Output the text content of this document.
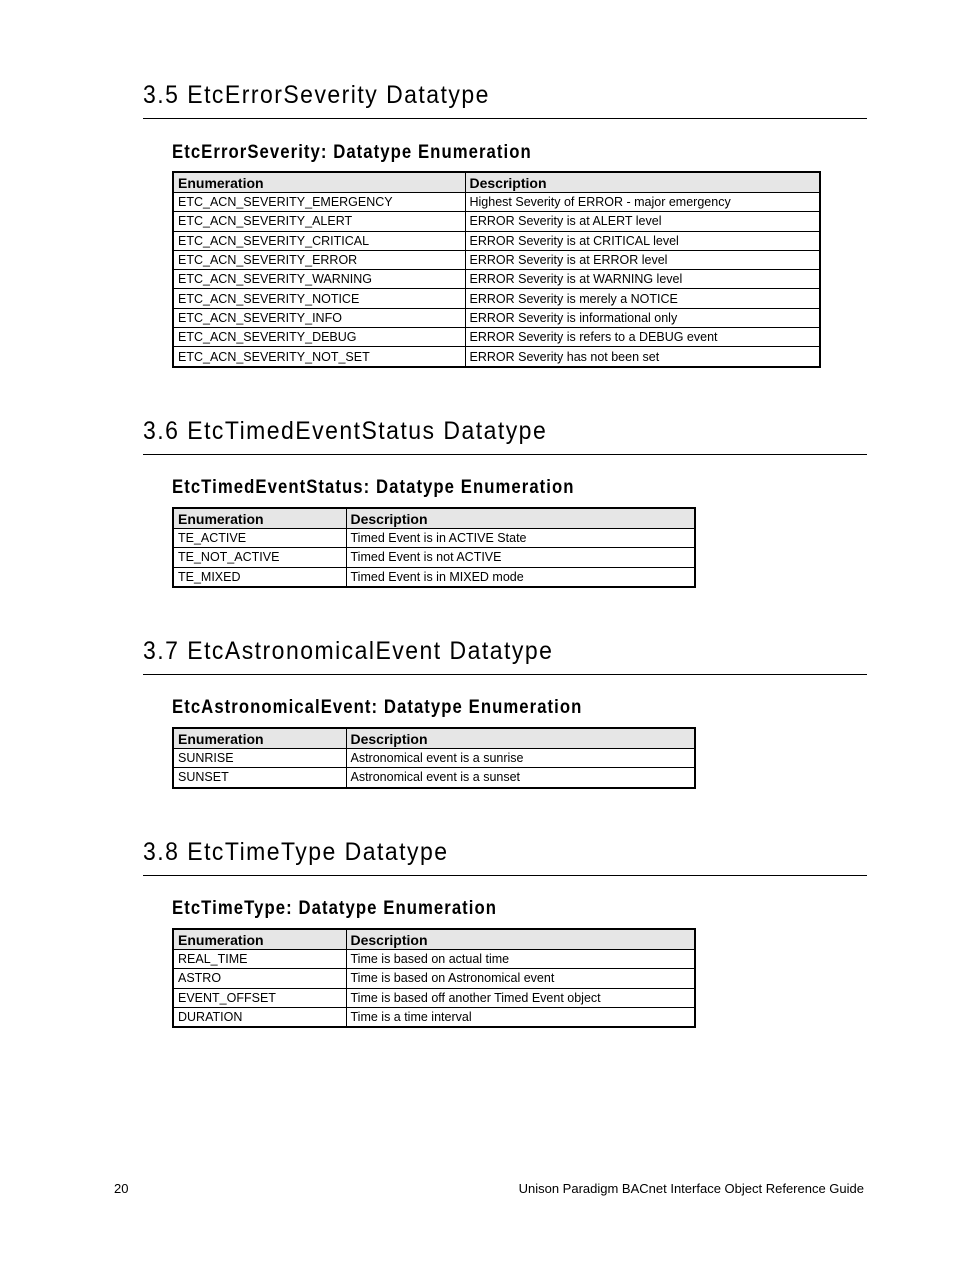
3.5 EtcErrorSeverity Datatype
EtcErrorSeverity: Datatype Enumeration
Enumeration	Description
ETC_ACN_SEVERITY_EMERGENCY	Highest Severity of ERROR - major emergency
ETC_ACN_SEVERITY_ALERT	ERROR Severity is at ALERT level
ETC_ACN_SEVERITY_CRITICAL	ERROR Severity is at CRITICAL level
ETC_ACN_SEVERITY_ERROR	ERROR Severity is at ERROR level
ETC_ACN_SEVERITY_WARNING	ERROR Severity is at WARNING level
ETC_ACN_SEVERITY_NOTICE	ERROR Severity is merely a NOTICE
ETC_ACN_SEVERITY_INFO	ERROR Severity is informational only
ETC_ACN_SEVERITY_DEBUG	ERROR Severity is refers to a DEBUG event
ETC_ACN_SEVERITY_NOT_SET	ERROR Severity has not been set
3.6 EtcTimedEventStatus Datatype
EtcTimedEventStatus: Datatype Enumeration
Enumeration	Description
TE_ACTIVE	Timed Event is in ACTIVE State
TE_NOT_ACTIVE	Timed Event is not ACTIVE
TE_MIXED	Timed Event is in MIXED mode
3.7 EtcAstronomicalEvent Datatype
EtcAstronomicalEvent: Datatype Enumeration
Enumeration	Description
SUNRISE	Astronomical event is a sunrise
SUNSET	Astronomical event is a sunset
3.8 EtcTimeType Datatype
EtcTimeType: Datatype Enumeration
Enumeration	Description
REAL_TIME	Time is based on actual time
ASTRO	Time is based on Astronomical event
EVENT_OFFSET	Time is based off another Timed Event object
DURATION	Time is a time interval
20	Unison Paradigm BACnet Interface Object Reference Guide
